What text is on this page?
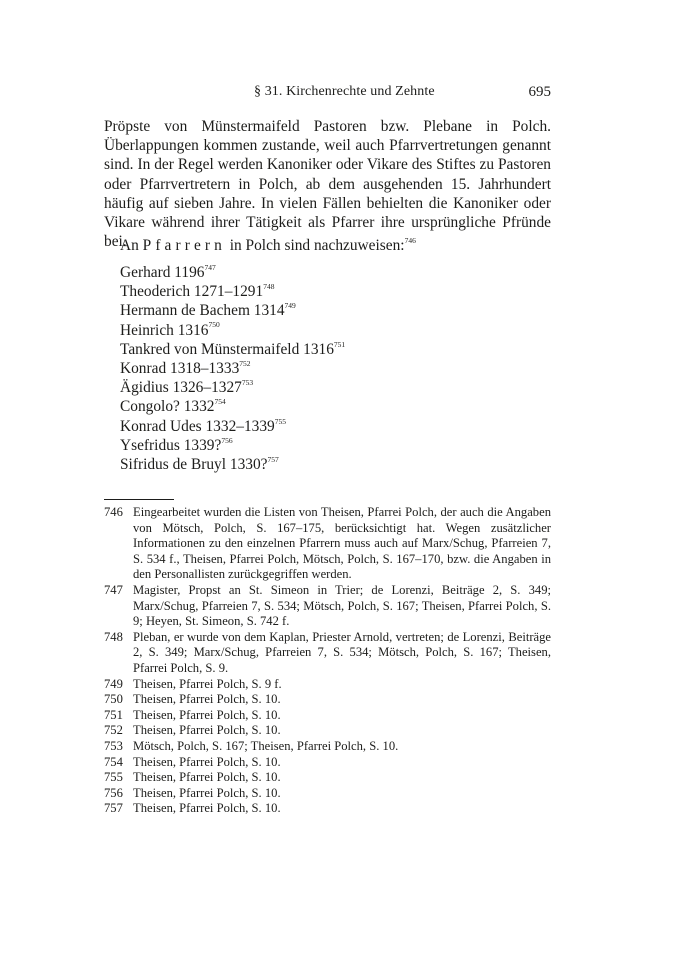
§ 31. Kirchenrechte und Zehnte	695

Pröpste von Münstermaifeld Pastoren bzw. Plebane in Polch. Überlappungen kommen zustande, weil auch Pfarrvertretungen genannt sind. In der Regel werden Kanoniker oder Vikare des Stiftes zu Pastoren oder Pfarrvertretern in Polch, ab dem ausgehenden 15. Jahrhundert häufig auf sieben Jahre. In vielen Fällen behielten die Kanoniker oder Vikare während ihrer Tätigkeit als Pfarrer ihre ursprüngliche Pfründe bei.

An Pfarrern in Polch sind nachzuweisen:$^{746}$

Gerhard 1196$^{747}$
Theoderich 1271–1291$^{748}$
Hermann de Bachem 1314$^{749}$
Heinrich 1316$^{750}$
Tankred von Münstermaifeld 1316$^{751}$
Konrad 1318–1333$^{752}$
Ägidius 1326–1327$^{753}$
Congolo? 1332$^{754}$
Konrad Udes 1332–1339$^{755}$
Ysefridus 1339?$^{756}$
Sifridus de Bruyl 1330?$^{757}$
746 Eingearbeitet wurden die Listen von Theisen, Pfarrei Polch, der auch die Angaben von Mötsch, Polch, S. 167–175, berücksichtigt hat. Wegen zusätzlicher Informationen zu den einzelnen Pfarrern muss auch auf Marx/Schug, Pfarreien 7, S. 534 f., Theisen, Pfarrei Polch, Mötsch, Polch, S. 167–170, bzw. die Angaben in den Personallisten zurückgegriffen werden.
747 Magister, Propst an St. Simeon in Trier; de Lorenzi, Beiträge 2, S. 349; Marx/Schug, Pfarreien 7, S. 534; Mötsch, Polch, S. 167; Theisen, Pfarrei Polch, S. 9; Heyen, St. Simeon, S. 742 f.
748 Pleban, er wurde von dem Kaplan, Priester Arnold, vertreten; de Lorenzi, Beiträge 2, S. 349; Marx/Schug, Pfarreien 7, S. 534; Mötsch, Polch, S. 167; Theisen, Pfarrei Polch, S. 9.
749 Theisen, Pfarrei Polch, S. 9 f.
750 Theisen, Pfarrei Polch, S. 10.
751 Theisen, Pfarrei Polch, S. 10.
752 Theisen, Pfarrei Polch, S. 10.
753 Mötsch, Polch, S. 167; Theisen, Pfarrei Polch, S. 10.
754 Theisen, Pfarrei Polch, S. 10.
755 Theisen, Pfarrei Polch, S. 10.
756 Theisen, Pfarrei Polch, S. 10.
757 Theisen, Pfarrei Polch, S. 10.
